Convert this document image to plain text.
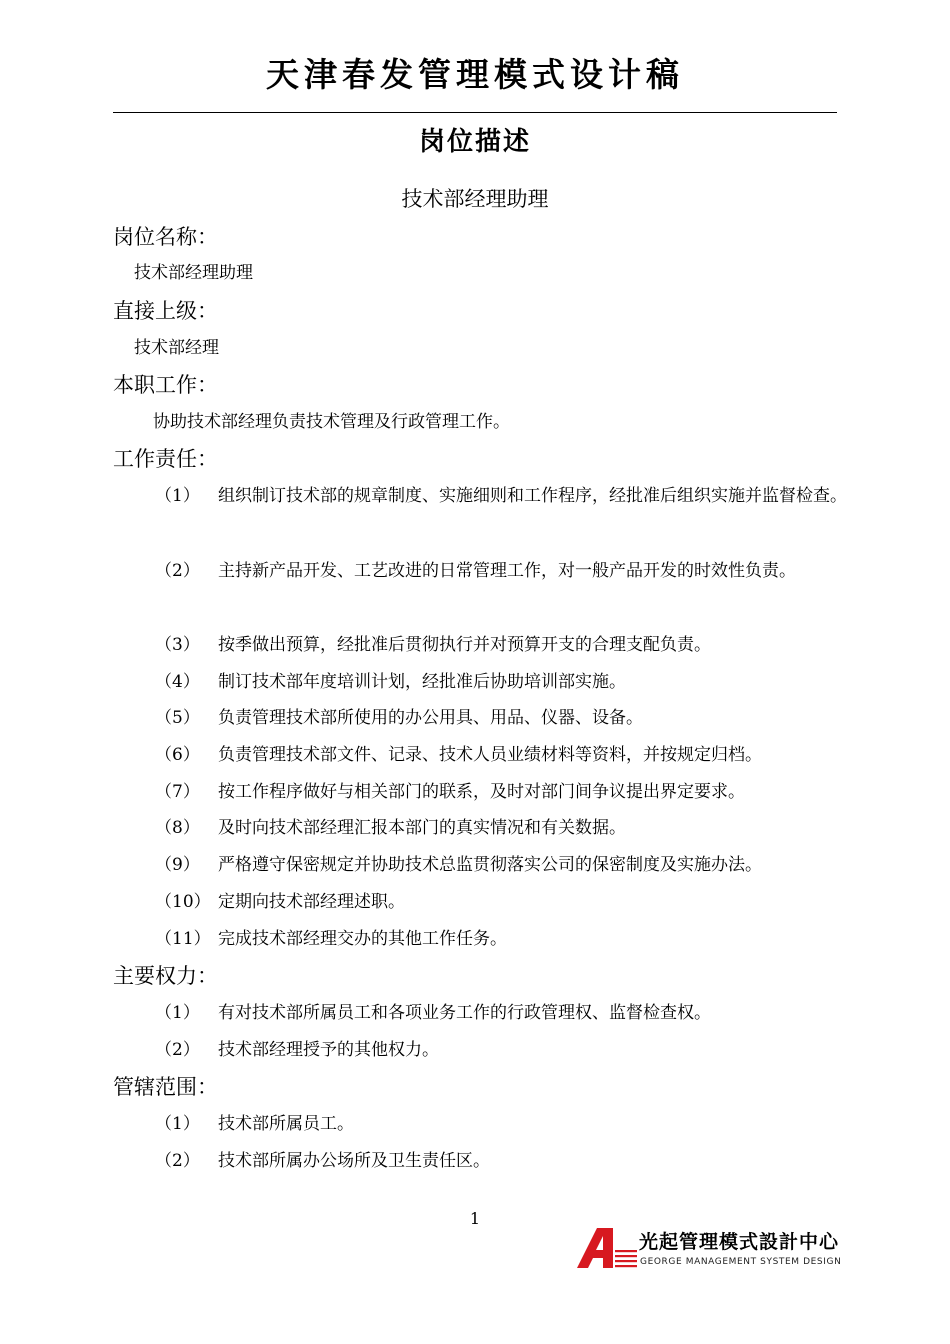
天津春发管理模式设计稿
岗位描述
技术部经理助理
岗位名称：
技术部经理助理
直接上级：
技术部经理
本职工作：
协助技术部经理负责技术管理及行政管理工作。
工作责任：
（1） 组织制订技术部的规章制度、实施细则和工作程序，经批准后组织实施并监督检查。
（2） 主持新产品开发、工艺改进的日常管理工作，对一般产品开发的时效性负责。
（3） 按季做出预算，经批准后贯彻执行并对预算开支的合理支配负责。
（4） 制订技术部年度培训计划，经批准后协助培训部实施。
（5） 负责管理技术部所使用的办公用具、用品、仪器、设备。
（6） 负责管理技术部文件、记录、技术人员业绩材料等资料，并按规定归档。
（7） 按工作程序做好与相关部门的联系，及时对部门间争议提出界定要求。
（8） 及时向技术部经理汇报本部门的真实情况和有关数据。
（9） 严格遵守保密规定并协助技术总监贯彻落实公司的保密制度及实施办法。
（10） 定期向技术部经理述职。
（11） 完成技术部经理交办的其他工作任务。
主要权力：
（1） 有对技术部所属员工和各项业务工作的行政管理权、监督检查权。
（2） 技术部经理授予的其他权力。
管辖范围：
（1） 技术部所属员工。
（2） 技术部所属办公场所及卫生责任区。
1
光起管理模式設計中心
GEORGE MANAGEMENT SYSTEM DESIGN
